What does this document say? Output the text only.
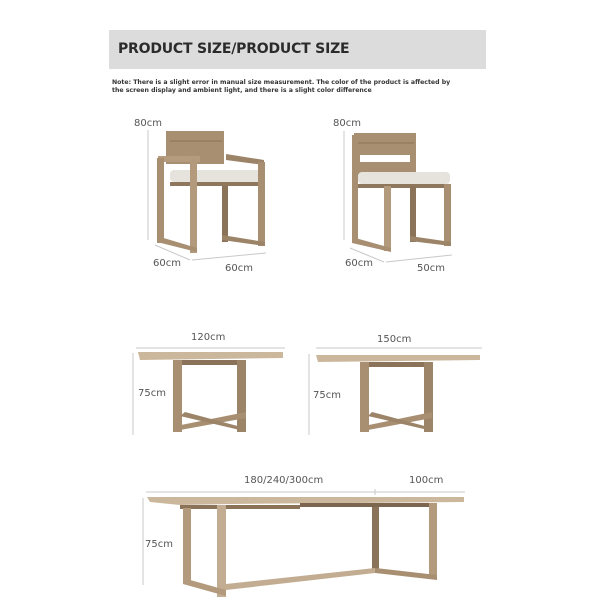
PRODUCT SIZE/PRODUCT SIZE
Note: There is a slight error in manual size measurement. The color of the product is affected by the screen display and ambient light, and there is a slight color difference
80cm
60cm	60cm
80cm
60cm	50cm
120cm
75cm
150cm
75cm
180/240/300cm	100cm
75cm
